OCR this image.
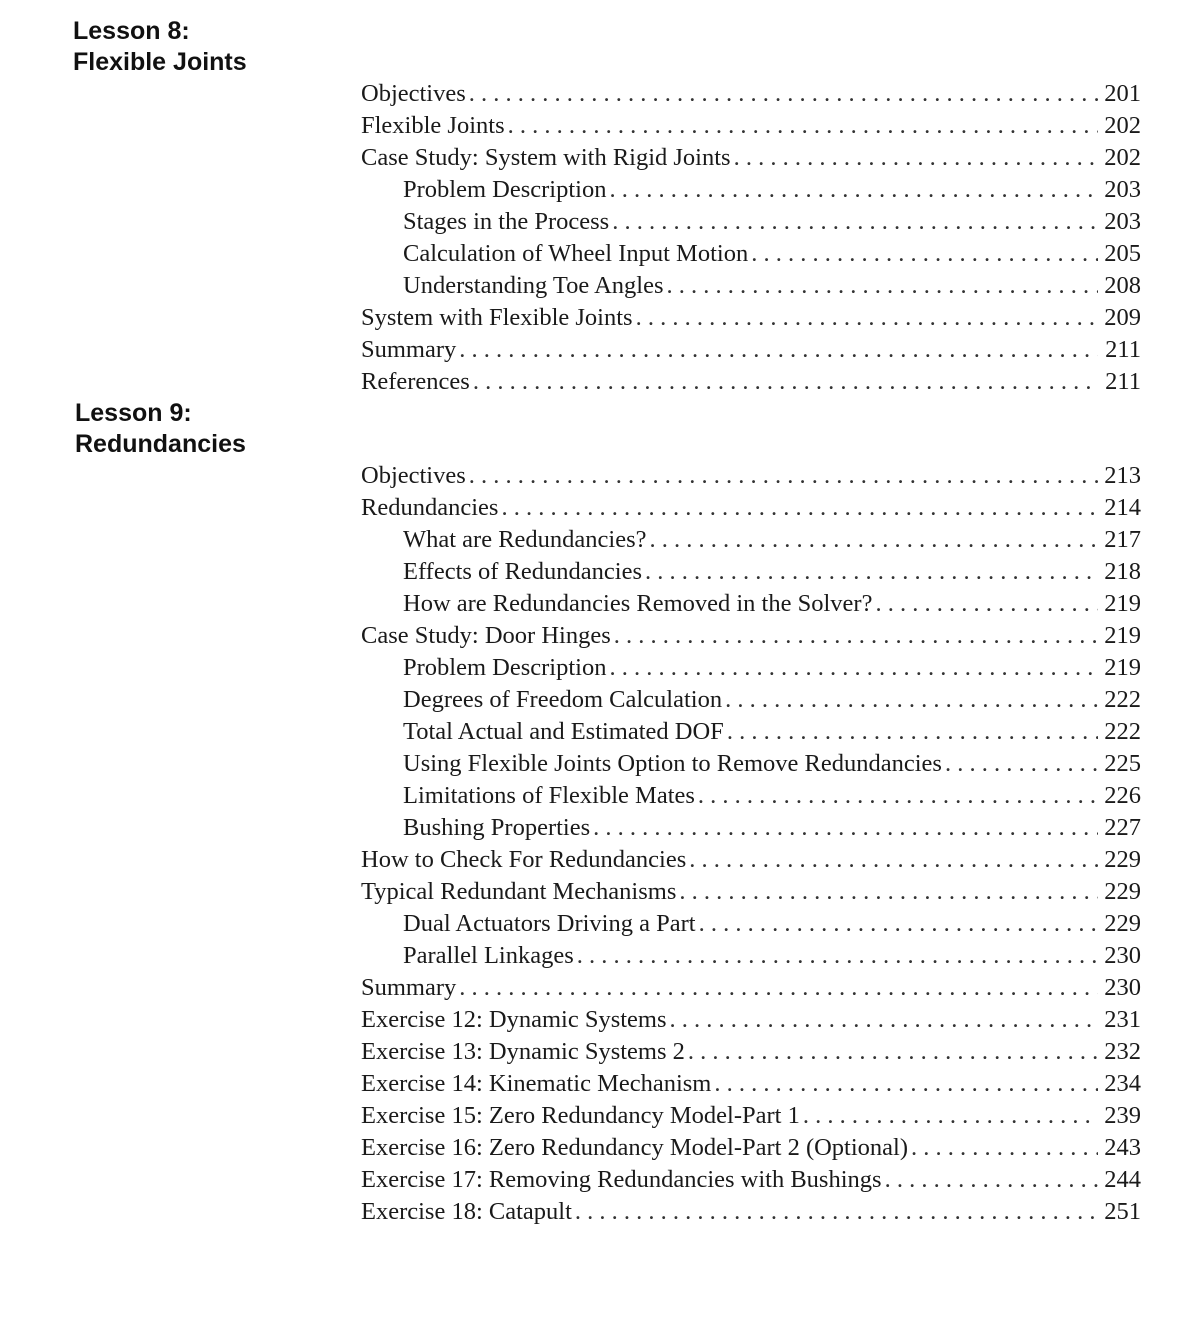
Lesson 8:
Flexible Joints
Objectives . . .	201
Flexible Joints . . .	202
Case Study: System with Rigid Joints . . .	202
Problem Description . . .	203
Stages in the Process . . .	203
Calculation of Wheel Input Motion . . .	205
Understanding Toe Angles . . .	208
System with Flexible Joints . . .	209
Summary . . .	211
References . . .	211
Lesson 9:
Redundancies
Objectives . . .	213
Redundancies . . .	214
What are Redundancies? . . .	217
Effects of Redundancies . . .	218
How are Redundancies Removed in the Solver? . . .	219
Case Study: Door Hinges . . .	219
Problem Description . . .	219
Degrees of Freedom Calculation . . .	222
Total Actual and Estimated DOF . . .	222
Using Flexible Joints Option to Remove Redundancies . . .	225
Limitations of Flexible Mates . . .	226
Bushing Properties . . .	227
How to Check For Redundancies . . .	229
Typical Redundant Mechanisms . . .	229
Dual Actuators Driving a Part . . .	229
Parallel Linkages . . .	230
Summary . . .	230
Exercise 12: Dynamic Systems . . .	231
Exercise 13: Dynamic Systems 2 . . .	232
Exercise 14: Kinematic Mechanism . . .	234
Exercise 15: Zero Redundancy Model-Part 1 . . .	239
Exercise 16: Zero Redundancy Model-Part 2 (Optional) . . .	243
Exercise 17: Removing Redundancies with Bushings . . .	244
Exercise 18: Catapult . . .	251
